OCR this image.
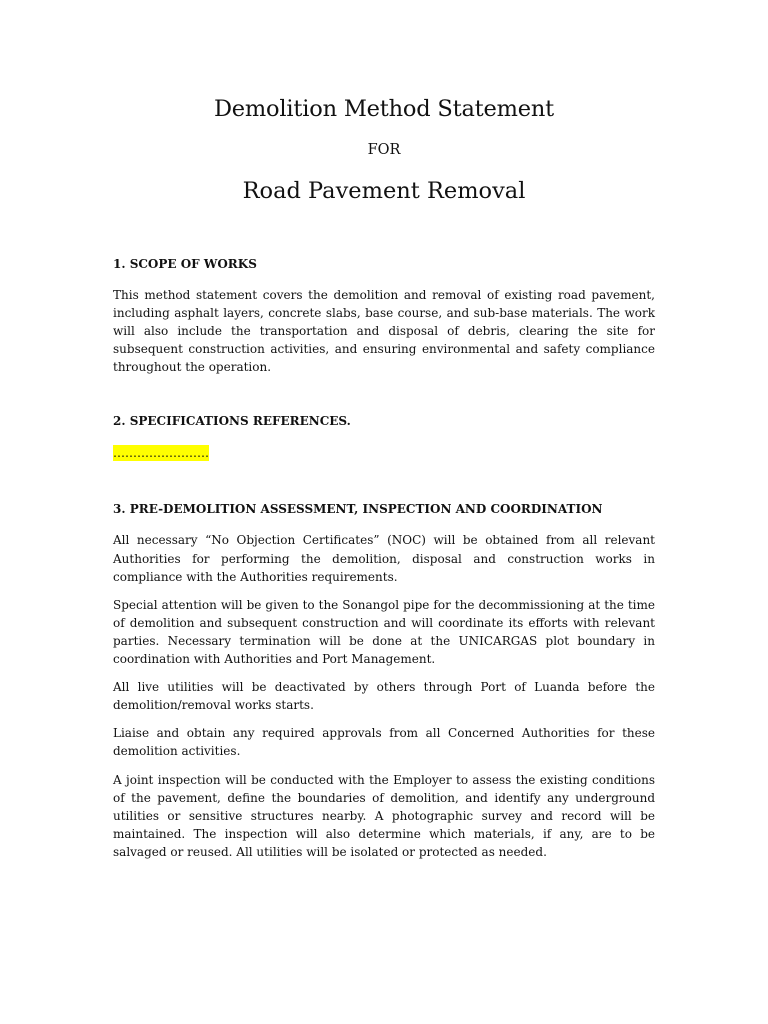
Demolition Method Statement

FOR

Road Pavement Removal

1. SCOPE OF WORKS

This method statement covers the demolition and removal of existing road pavement, including asphalt layers, concrete slabs, base course, and sub-base materials. The work will also include the transportation and disposal of debris, clearing the site for subsequent construction activities, and ensuring environmental and safety compliance throughout the operation.

2. SPECIFICATIONS REFERENCES.

……………………

3. PRE-DEMOLITION ASSESSMENT, INSPECTION AND COORDINATION

All necessary “No Objection Certificates” (NOC) will be obtained from all relevant Authorities for performing the demolition, disposal and construction works in compliance with the Authorities requirements.

Special attention will be given to the Sonangol pipe for the decommissioning at the time of demolition and subsequent construction and will coordinate its efforts with relevant parties. Necessary termination will be done at the UNICARGAS plot boundary in coordination with Authorities and Port Management.

All live utilities will be deactivated by others through Port of Luanda before the demolition/removal works starts.

Liaise and obtain any required approvals from all Concerned Authorities for these demolition activities.

A joint inspection will be conducted with the Employer to assess the existing conditions of the pavement, define the boundaries of demolition, and identify any underground utilities or sensitive structures nearby. A photographic survey and record will be maintained. The inspection will also determine which materials, if any, are to be salvaged or reused. All utilities will be isolated or protected as needed.
